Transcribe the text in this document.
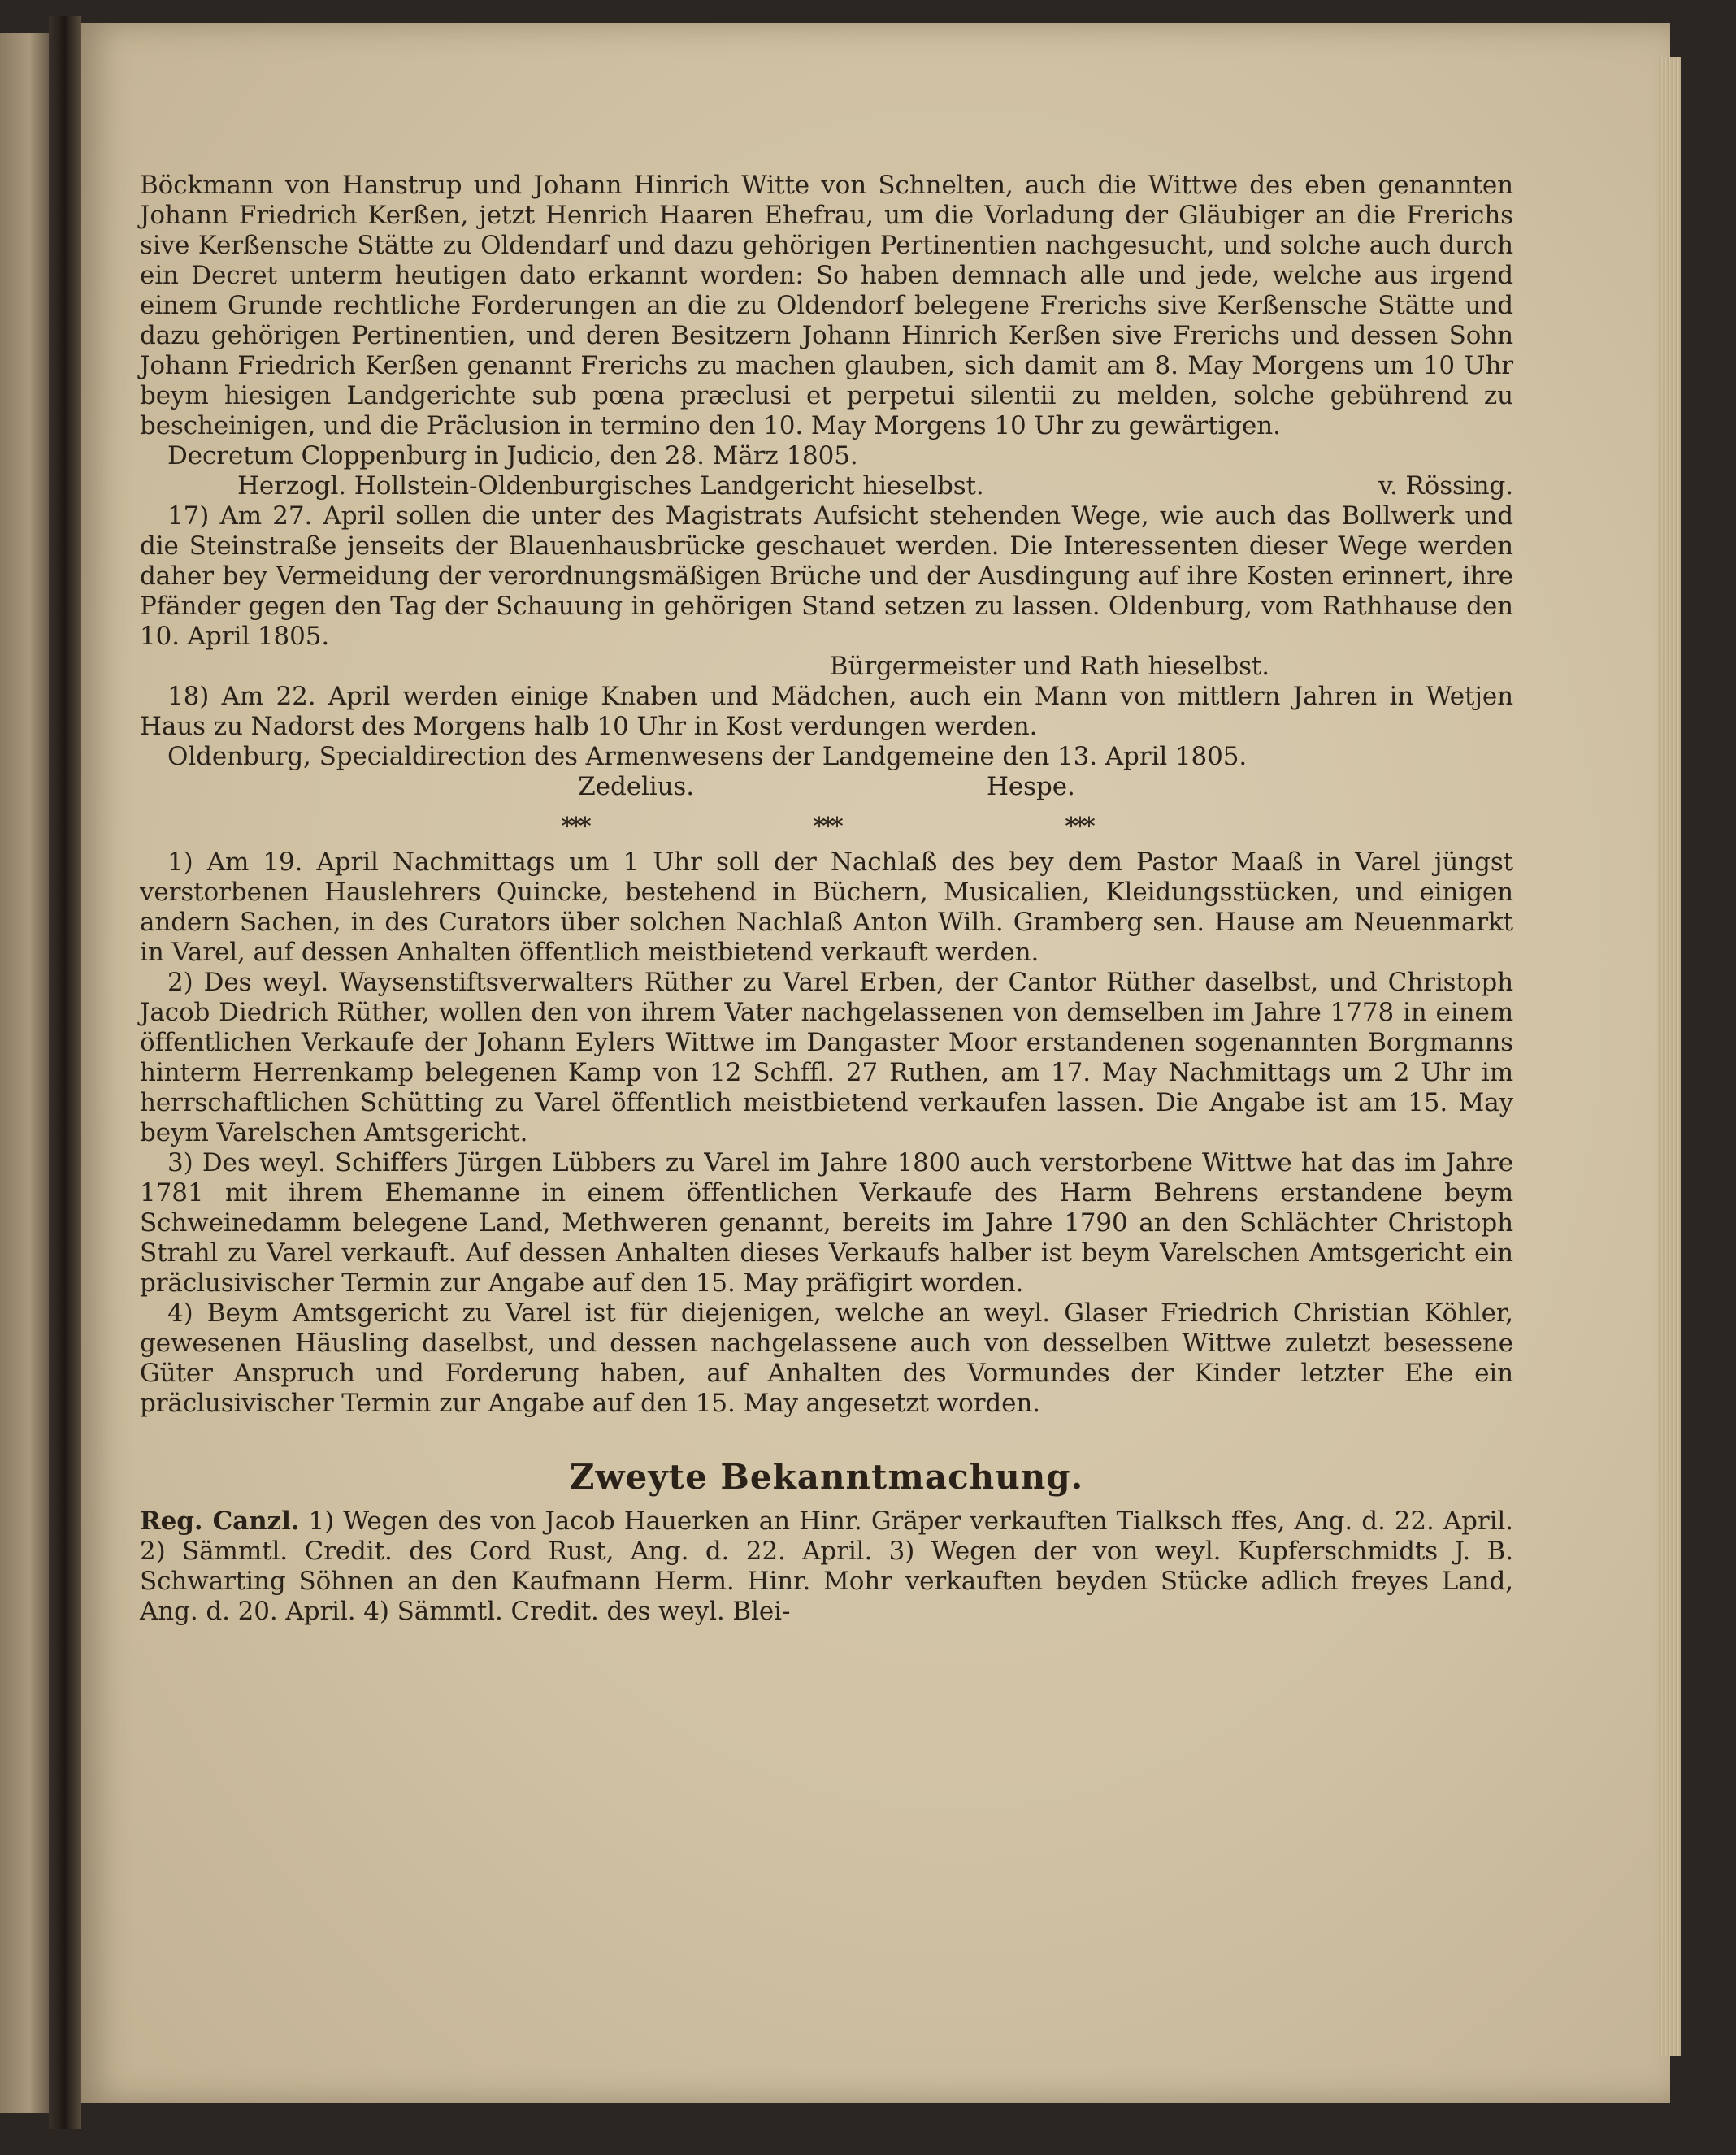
Böckmann von Hanstrup und Johann Hinrich Witte von Schnelten, auch die Wittwe des eben genannten Johann Friedrich Kerßen, jetzt Henrich Haaren Ehefrau, um die Vorladung der Gläubiger an die Frerichs sive Kerßensche Stätte zu Oldendarf und dazu gehörigen Pertinentien nachgesucht, und solche auch durch ein Decret unterm heutigen dato erkannt worden: So haben demnach alle und jede, welche aus irgend einem Grunde rechtliche Forderungen an die zu Oldendorf belegene Frerichs sive Kerßensche Stätte und dazu gehörigen Pertinentien, und deren Besitzern Johann Hinrich Kerßen sive Frerichs und dessen Sohn Johann Friedrich Kerßen genannt Frerichs zu machen glauben, sich damit am 8. May Morgens um 10 Uhr beym hiesigen Landgerichte sub pœna præclusi et perpetui silentii zu melden, solche gebührend zu bescheinigen, und die Präclusion in termino den 10. May Morgens 10 Uhr zu gewärtigen.

Decretum Cloppenburg in Judicio, den 28. März 1805.

Herzogl. Hollstein-Oldenburgisches Landgericht hieselbst.	v. Rössing.

17) Am 27. April sollen die unter des Magistrats Aufsicht stehenden Wege, wie auch das Bollwerk und die Steinstraße jenseits der Blauenhausbrücke geschauet werden. Die Interessenten dieser Wege werden daher bey Vermeidung der verordnungsmäßigen Brüche und der Ausdingung auf ihre Kosten erinnert, ihre Pfänder gegen den Tag der Schauung in gehörigen Stand setzen zu lassen. Oldenburg, vom Rathhause den 10. April 1805.

Bürgermeister und Rath hieselbst.

18) Am 22. April werden einige Knaben und Mädchen, auch ein Mann von mittlern Jahren in Wetjen Haus zu Nadorst des Morgens halb 10 Uhr in Kost verdungen werden.

Oldenburg, Specialdirection des Armenwesens der Landgemeine den 13. April 1805.

Zedelius.	Hespe.
***	***	***

1) Am 19. April Nachmittags um 1 Uhr soll der Nachlaß des bey dem Pastor Maaß in Varel jüngst verstorbenen Hauslehrers Quincke, bestehend in Büchern, Musicalien, Kleidungsstücken, und einigen andern Sachen, in des Curators über solchen Nachlaß Anton Wilh. Gramberg sen. Hause am Neuenmarkt in Varel, auf dessen Anhalten öffentlich meistbietend verkauft werden.

2) Des weyl. Waysenstiftsverwalters Rüther zu Varel Erben, der Cantor Rüther daselbst, und Christoph Jacob Diedrich Rüther, wollen den von ihrem Vater nachgelassenen von demselben im Jahre 1778 in einem öffentlichen Verkaufe der Johann Eylers Wittwe im Dangaster Moor erstandenen sogenannten Borgmanns hinterm Herrenkamp belegenen Kamp von 12 Schffl. 27 Ruthen, am 17. May Nachmittags um 2 Uhr im herrschaftlichen Schütting zu Varel öffentlich meistbietend verkaufen lassen. Die Angabe ist am 15. May beym Varelschen Amtsgericht.

3) Des weyl. Schiffers Jürgen Lübbers zu Varel im Jahre 1800 auch verstorbene Wittwe hat das im Jahre 1781 mit ihrem Ehemanne in einem öffentlichen Verkaufe des Harm Behrens erstandene beym Schweinedamm belegene Land, Methweren genannt, bereits im Jahre 1790 an den Schlächter Christoph Strahl zu Varel verkauft. Auf dessen Anhalten dieses Verkaufs halber ist beym Varelschen Amtsgericht ein präclusivischer Termin zur Angabe auf den 15. May präfigirt worden.

4) Beym Amtsgericht zu Varel ist für diejenigen, welche an weyl. Glaser Friedrich Christian Köhler, gewesenen Häusling daselbst, und dessen nachgelassene auch von desselben Wittwe zuletzt besessene Güter Anspruch und Forderung haben, auf Anhalten des Vormundes der Kinder letzter Ehe ein präclusivischer Termin zur Angabe auf den 15. May angesetzt worden.

Zweyte Bekanntmachung.

Reg. Canzl. 1) Wegen des von Jacob Hauerken an Hinr. Gräper verkauften Tialksch ffes, Ang. d. 22. April. 2) Sämmtl. Credit. des Cord Rust, Ang. d. 22. April. 3) Wegen der von weyl. Kupferschmidts J. B. Schwarting Söhnen an den Kaufmann Herm. Hinr. Mohr verkauften beyden Stücke adlich freyes Land, Ang. d. 20. April. 4) Sämmtl. Credit. des weyl. Blei-
